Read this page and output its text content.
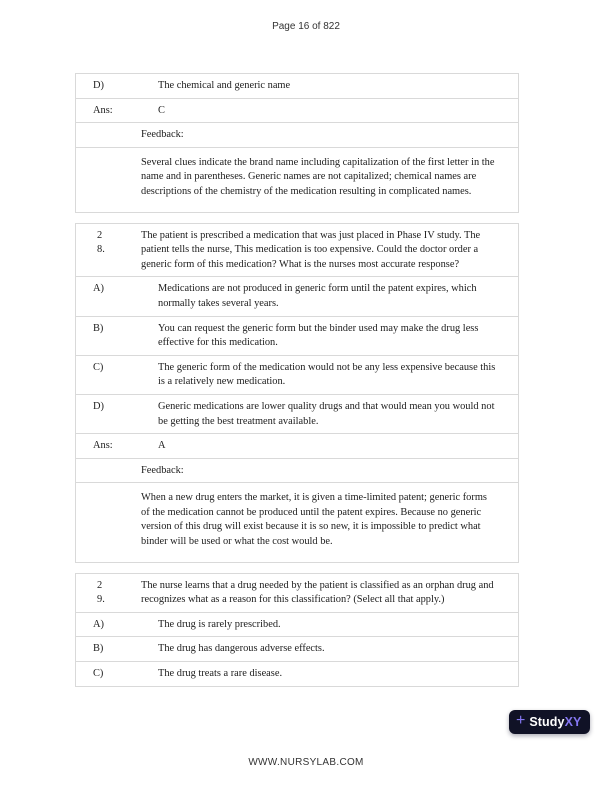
Page 16 of 822
D)	The chemical and generic name
Ans:	C
Feedback:
Several clues indicate the brand name including capitalization of the first letter in the name and in parentheses. Generic names are not capitalized; chemical names are descriptions of the chemistry of the medication resulting in complicated names.
28.
The patient is prescribed a medication that was just placed in Phase IV study. The patient tells the nurse, This medication is too expensive. Could the doctor order a generic form of this medication? What is the nurses most accurate response?
A)	Medications are not produced in generic form until the patent expires, which normally takes several years.
B)	You can request the generic form but the binder used may make the drug less effective for this medication.
C)	The generic form of the medication would not be any less expensive because this is a relatively new medication.
D)	Generic medications are lower quality drugs and that would mean you would not be getting the best treatment available.
Ans:	A
Feedback:
When a new drug enters the market, it is given a time-limited patent; generic forms of the medication cannot be produced until the patent expires. Because no generic version of this drug will exist because it is so new, it is impossible to predict what binder will be used or what the cost would be.
29.
The nurse learns that a drug needed by the patient is classified as an orphan drug and recognizes what as a reason for this classification? (Select all that apply.)
A)	The drug is rarely prescribed.
B)	The drug has dangerous adverse effects.
C)	The drug treats a rare disease.
+ Study XY
WWW.NURSYLAB.COM
